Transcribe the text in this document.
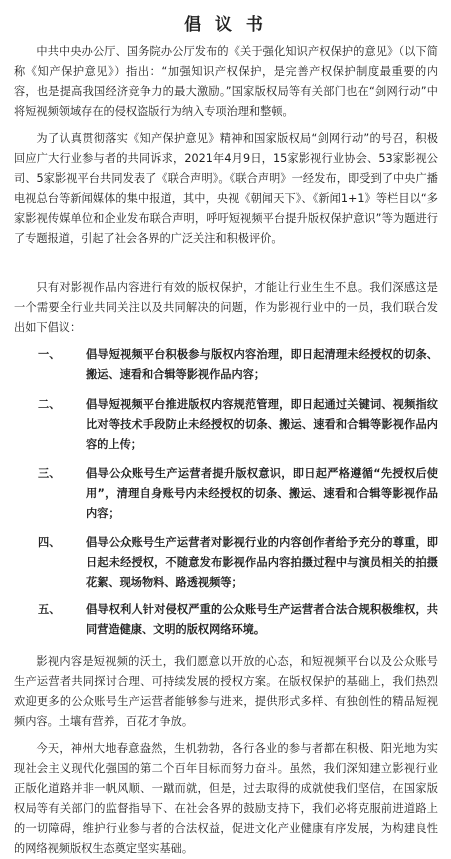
倡 议 书

中共中央办公厅、国务院办公厅发布的《关于强化知识产权保护的意见》（以下简称《知产保护意见》）指出：“加强知识产权保护，是完善产权保护制度最重要的内容，也是提高我国经济竞争力的最大激励。”国家版权局等有关部门也在“剑网行动”中将短视频领域存在的侵权盗版行为纳入专项治理和整顿。

为了认真贯彻落实《知产保护意见》精神和国家版权局“剑网行动”的号召，积极回应广大行业参与者的共同诉求，2021年4月9日，15家影视行业协会、53家影视公司、5家影视平台共同发表了《联合声明》。《联合声明》一经发布，即受到了中央广播电视总台等新闻媒体的集中报道，其中，央视《朝闻天下》、《新闻1+1》等栏目以“多家影视传媒单位和企业发布联合声明，呼吁短视频平台提升版权保护意识”等为题进行了专题报道，引起了社会各界的广泛关注和积极评价。

只有对影视作品内容进行有效的版权保护，才能让行业生生不息。我们深感这是一个需要全行业共同关注以及共同解决的问题，作为影视行业中的一员，我们联合发出如下倡议：

一、 倡导短视频平台积极参与版权内容治理，即日起清理未经授权的切条、搬运、速看和合辑等影视作品内容；
二、 倡导短视频平台推进版权内容规范管理，即日起通过关键词、视频指纹比对等技术手段防止未经授权的切条、搬运、速看和合辑等影视作品内容的上传；
三、 倡导公众账号生产运营者提升版权意识，即日起严格遵循“先授权后使用”，清理自身账号内未经授权的切条、搬运、速看和合辑等影视作品内容；
四、 倡导公众账号生产运营者对影视行业的内容创作者给予充分的尊重，即日起未经授权，不随意发布影视作品内容拍摄过程中与演员相关的拍摄花絮、现场物料、路透视频等；
五、 倡导权利人针对侵权严重的公众账号生产运营者合法合规积极维权，共同营造健康、文明的版权网络环境。

影视内容是短视频的沃土，我们愿意以开放的心态，和短视频平台以及公众账号生产运营者共同探讨合理、可持续发展的授权方案。在版权保护的基础上，我们热烈欢迎更多的公众账号生产运营者能够参与进来，提供形式多样、有独创性的精品短视频内容。土壤有营养，百花才争放。

今天，神州大地春意盎然，生机勃勃，各行各业的参与者都在积极、阳光地为实现社会主义现代化强国的第二个百年目标而努力奋斗。虽然，我们深知建立影视行业正版化道路并非一帆风顺、一蹴而就，但是，过去取得的成就使我们坚信，在国家版权局等有关部门的监督指导下、在社会各界的鼓励支持下，我们必将克服前进道路上的一切障碍，维护行业参与者的合法权益，促进文化产业健康有序发展，为构建良性的网络视频版权生态奠定坚实基础。
